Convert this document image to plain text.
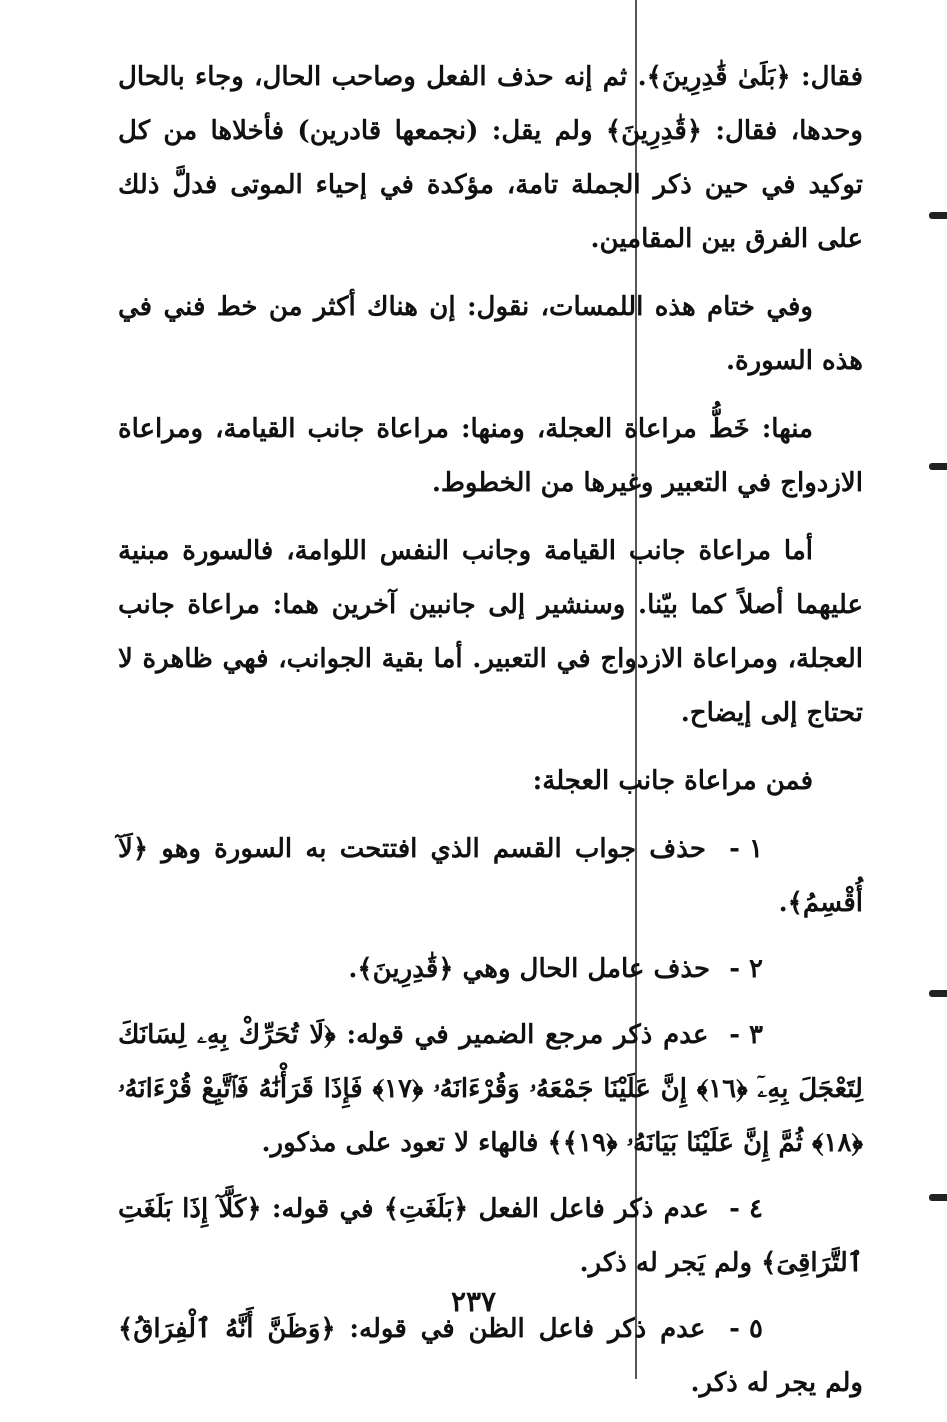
فقال: ﴿بَلَىٰ قَٰدِرِينَ﴾. ثم إنه حذف الفعل وصاحب الحال، وجاء بالحال وحدها، فقال: ﴿قَٰدِرِينَ﴾ ولم يقل: (نجمعها قادرين) فأخلاها من كل توكيد في حين ذكر الجملة تامة، مؤكدة في إحياء الموتى فدلَّ ذلك على الفرق بين المقامين.

وفي ختام هذه اللمسات، نقول: إن هناك أكثر من خط فني في هذه السورة.

منها: خَطُّ مراعاة العجلة، ومنها: مراعاة جانب القيامة، ومراعاة الازدواج في التعبير وغيرها من الخطوط.

أما مراعاة جانب القيامة وجانب النفس اللوامة، فالسورة مبنية عليهما أصلاً كما بيّنا. وسنشير إلى جانبين آخرين هما: مراعاة جانب العجلة، ومراعاة الازدواج في التعبير. أما بقية الجوانب، فهي ظاهرة لا تحتاج إلى إيضاح.

فمن مراعاة جانب العجلة:

١ - حذف جواب القسم الذي افتتحت به السورة وهو ﴿لَآ أُقْسِمُ﴾.
٢ - حذف عامل الحال وهي ﴿قَٰدِرِينَ﴾.
٣ - عدم ذكر مرجع الضمير في قوله: ﴿لَا تُحَرِّكْ بِهِۦ لِسَانَكَ لِتَعْجَلَ بِهِۦٓ ﴿١٦﴾ إِنَّ عَلَيْنَا جَمْعَهُۥ وَقُرْءَانَهُۥ ﴿١٧﴾ فَإِذَا قَرَأْنَٰهُ فَٱتَّبِعْ قُرْءَانَهُۥ ﴿١٨﴾ ثُمَّ إِنَّ عَلَيْنَا بَيَانَهُۥ ﴿١٩﴾﴾ فالهاء لا تعود على مذكور.
٤ - عدم ذكر فاعل الفعل ﴿بَلَغَتِ﴾ في قوله: ﴿كَلَّآ إِذَا بَلَغَتِ ٱلتَّرَاقِىَ﴾ ولم يَجر له ذكر.
٥ - عدم ذكر فاعل الظن في قوله: ﴿وَظَنَّ أَنَّهُ ٱلْفِرَاقُ﴾ ولم يجر له ذكر.
٢٣٧
